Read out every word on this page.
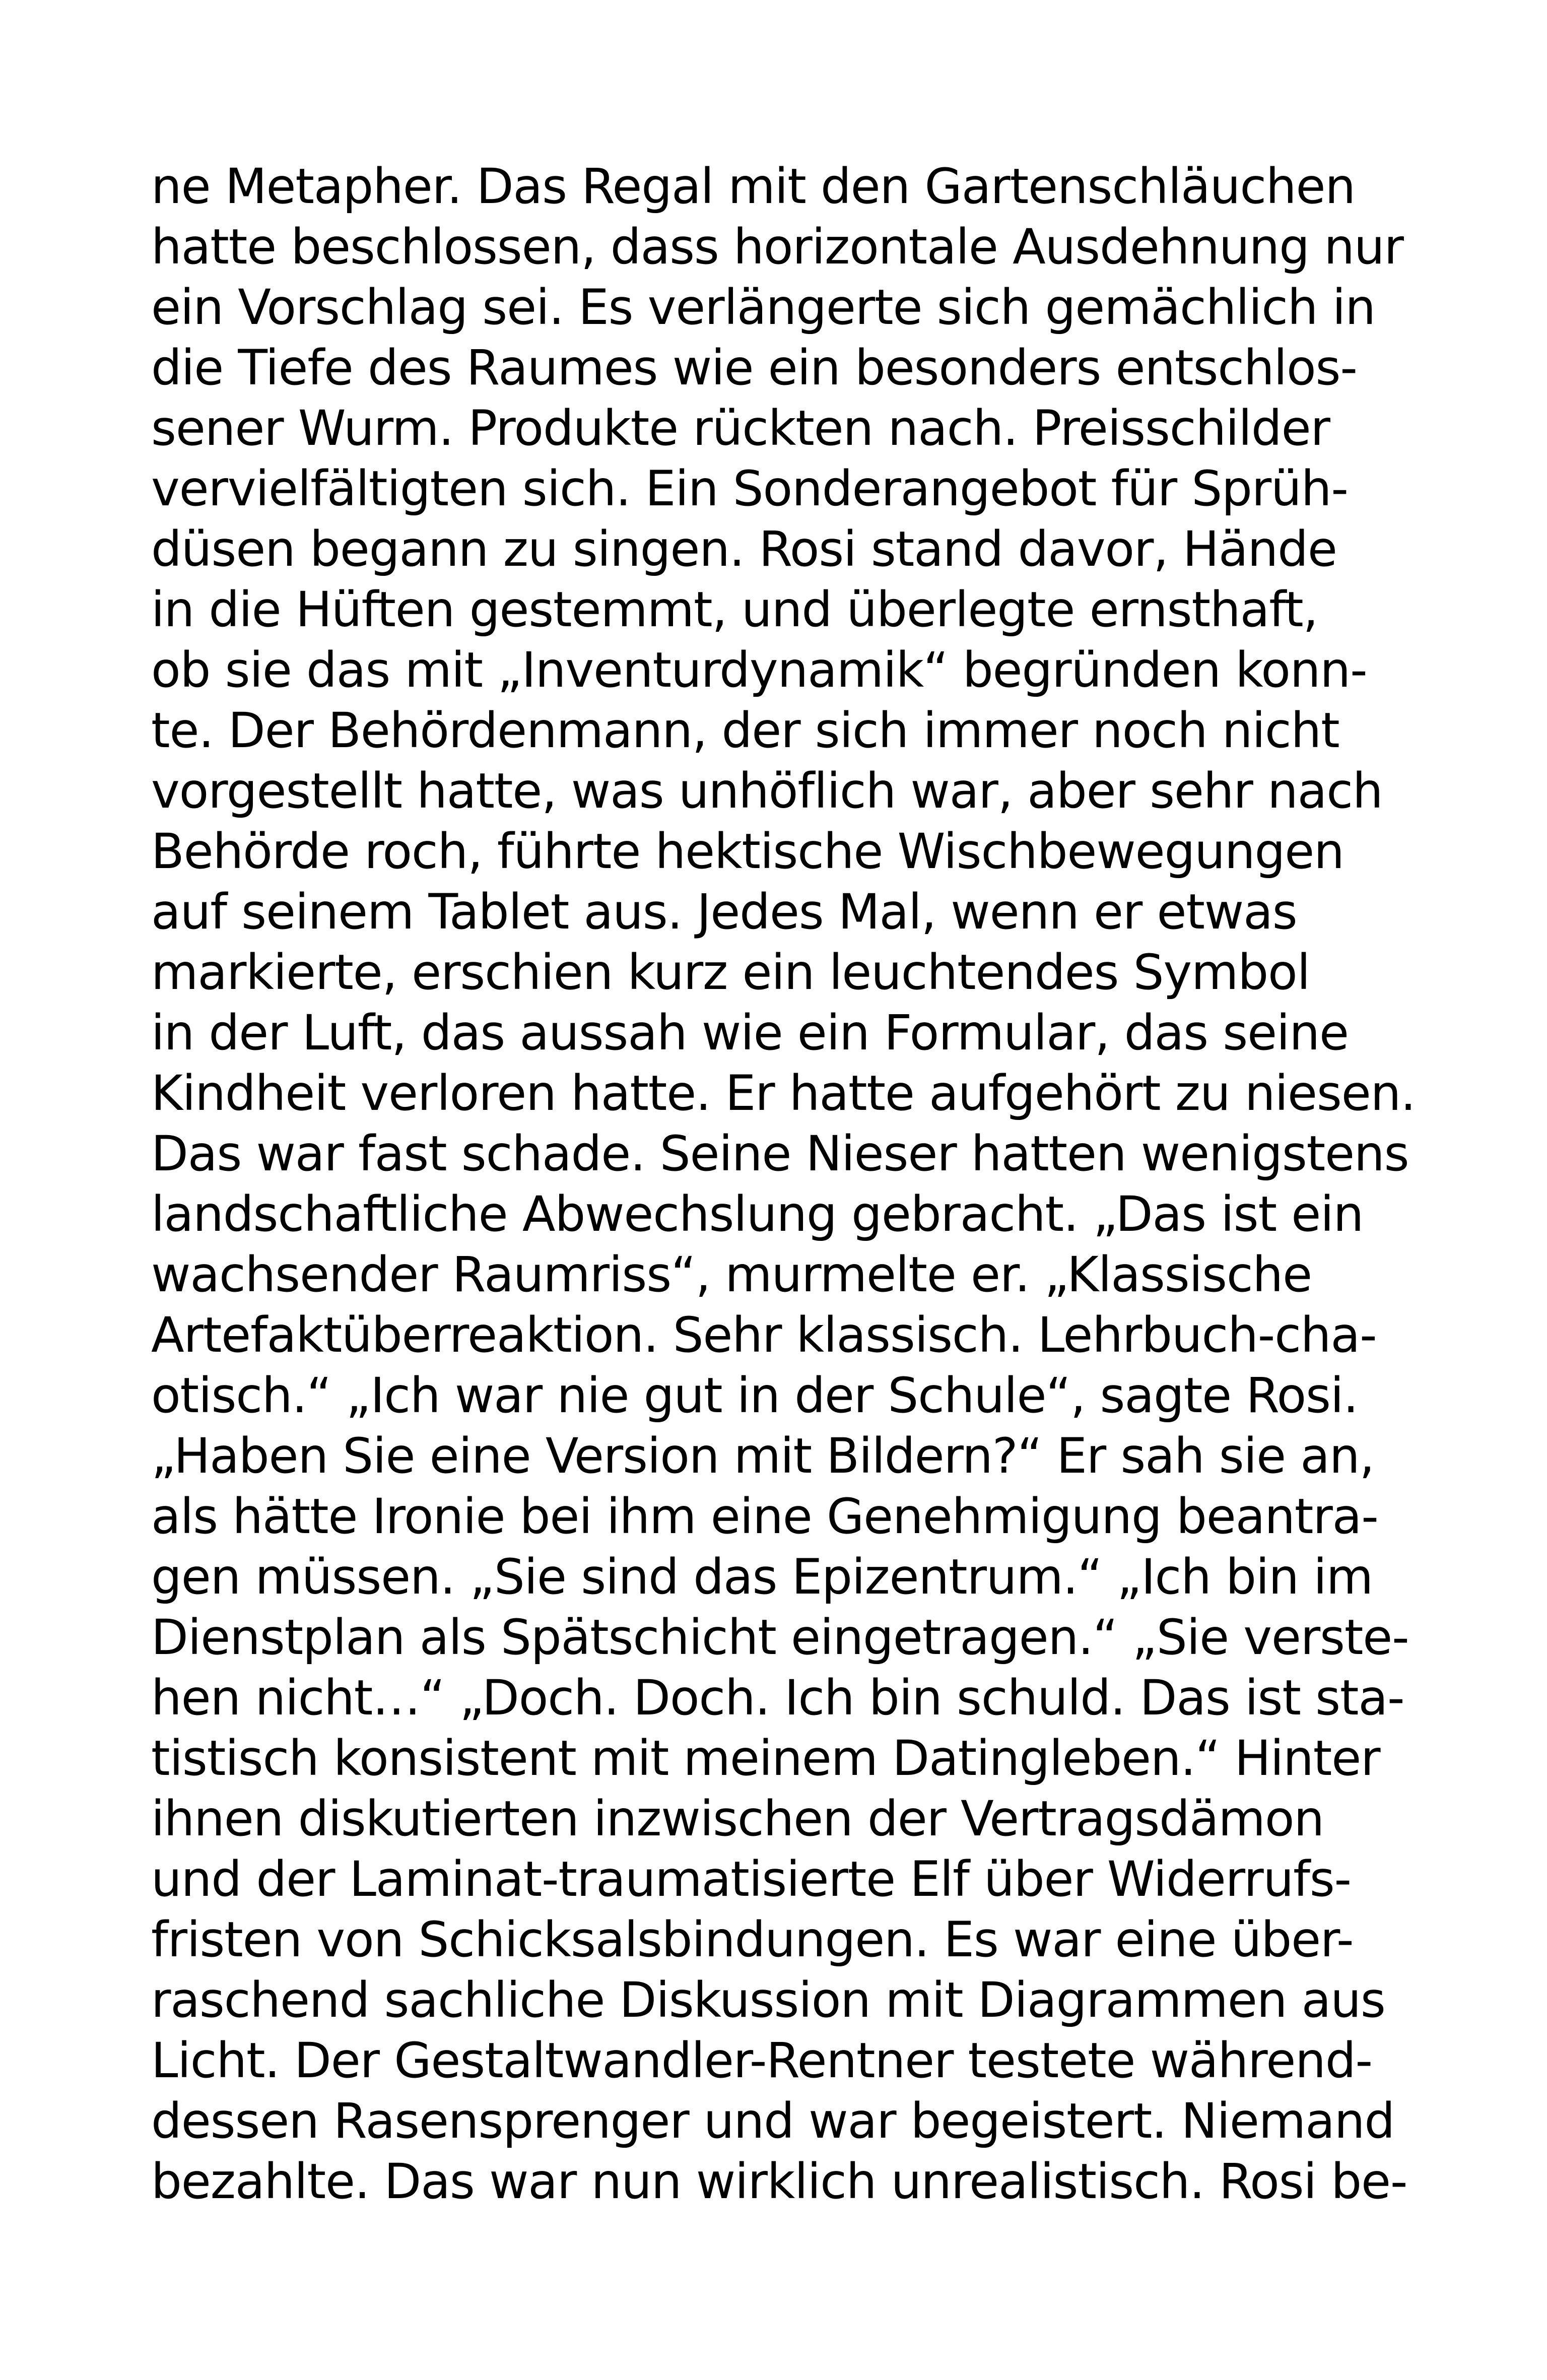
ne Metapher. Das Regal mit den Gartenschläuchen
hatte beschlossen, dass horizontale Ausdehnung nur
ein Vorschlag sei. Es verlängerte sich gemächlich in
die Tiefe des Raumes wie ein besonders entschlos-
sener Wurm. Produkte rückten nach. Preisschilder
vervielfältigten sich. Ein Sonderangebot für Sprüh-
düsen begann zu singen. Rosi stand davor, Hände
in die Hüften gestemmt, und überlegte ernsthaft,
ob sie das mit „Inventurdynamik“ begründen konn-
te. Der Behördenmann, der sich immer noch nicht
vorgestellt hatte, was unhöflich war, aber sehr nach
Behörde roch, führte hektische Wischbewegungen
auf seinem Tablet aus. Jedes Mal, wenn er etwas
markierte, erschien kurz ein leuchtendes Symbol
in der Luft, das aussah wie ein Formular, das seine
Kindheit verloren hatte. Er hatte aufgehört zu niesen.
Das war fast schade. Seine Nieser hatten wenigstens
landschaftliche Abwechslung gebracht. „Das ist ein
wachsender Raumriss“, murmelte er. „Klassische
Artefaktüberreaktion. Sehr klassisch. Lehrbuch-cha-
otisch.“ „Ich war nie gut in der Schule“, sagte Rosi.
„Haben Sie eine Version mit Bildern?“ Er sah sie an,
als hätte Ironie bei ihm eine Genehmigung beantra-
gen müssen. „Sie sind das Epizentrum.“ „Ich bin im
Dienstplan als Spätschicht eingetragen.“ „Sie verste-
hen nicht…“ „Doch. Doch. Ich bin schuld. Das ist sta-
tistisch konsistent mit meinem Datingleben.“ Hinter
ihnen diskutierten inzwischen der Vertragsdämon
und der Laminat-traumatisierte Elf über Widerrufs-
fristen von Schicksalsbindungen. Es war eine über-
raschend sachliche Diskussion mit Diagrammen aus
Licht. Der Gestaltwandler-Rentner testete während-
dessen Rasensprenger und war begeistert. Niemand
bezahlte. Das war nun wirklich unrealistisch. Rosi be-
